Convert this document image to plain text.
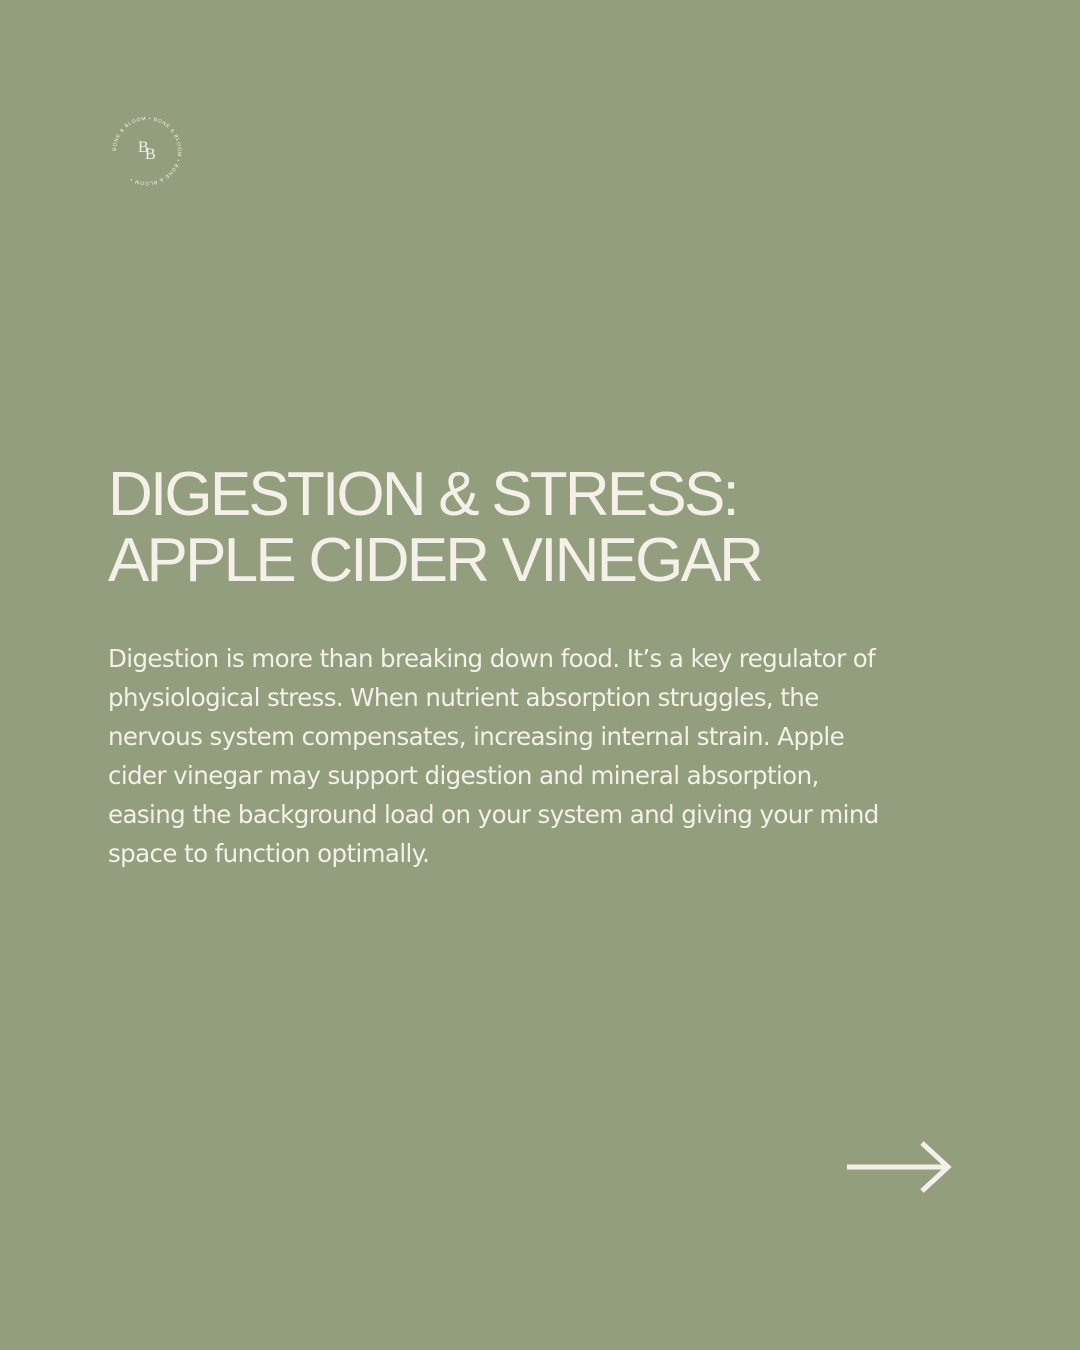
BONE & BLOOM • BONE & BLOOM • BONE & BLOOM •
B
B
DIGESTION & STRESS:
APPLE CIDER VINEGAR

Digestion is more than breaking down food. It’s a key regulator of physiological stress. When nutrient absorption struggles, the nervous system compensates, increasing internal strain. Apple cider vinegar may support digestion and mineral absorption, easing the background load on your system and giving your mind space to function optimally.
